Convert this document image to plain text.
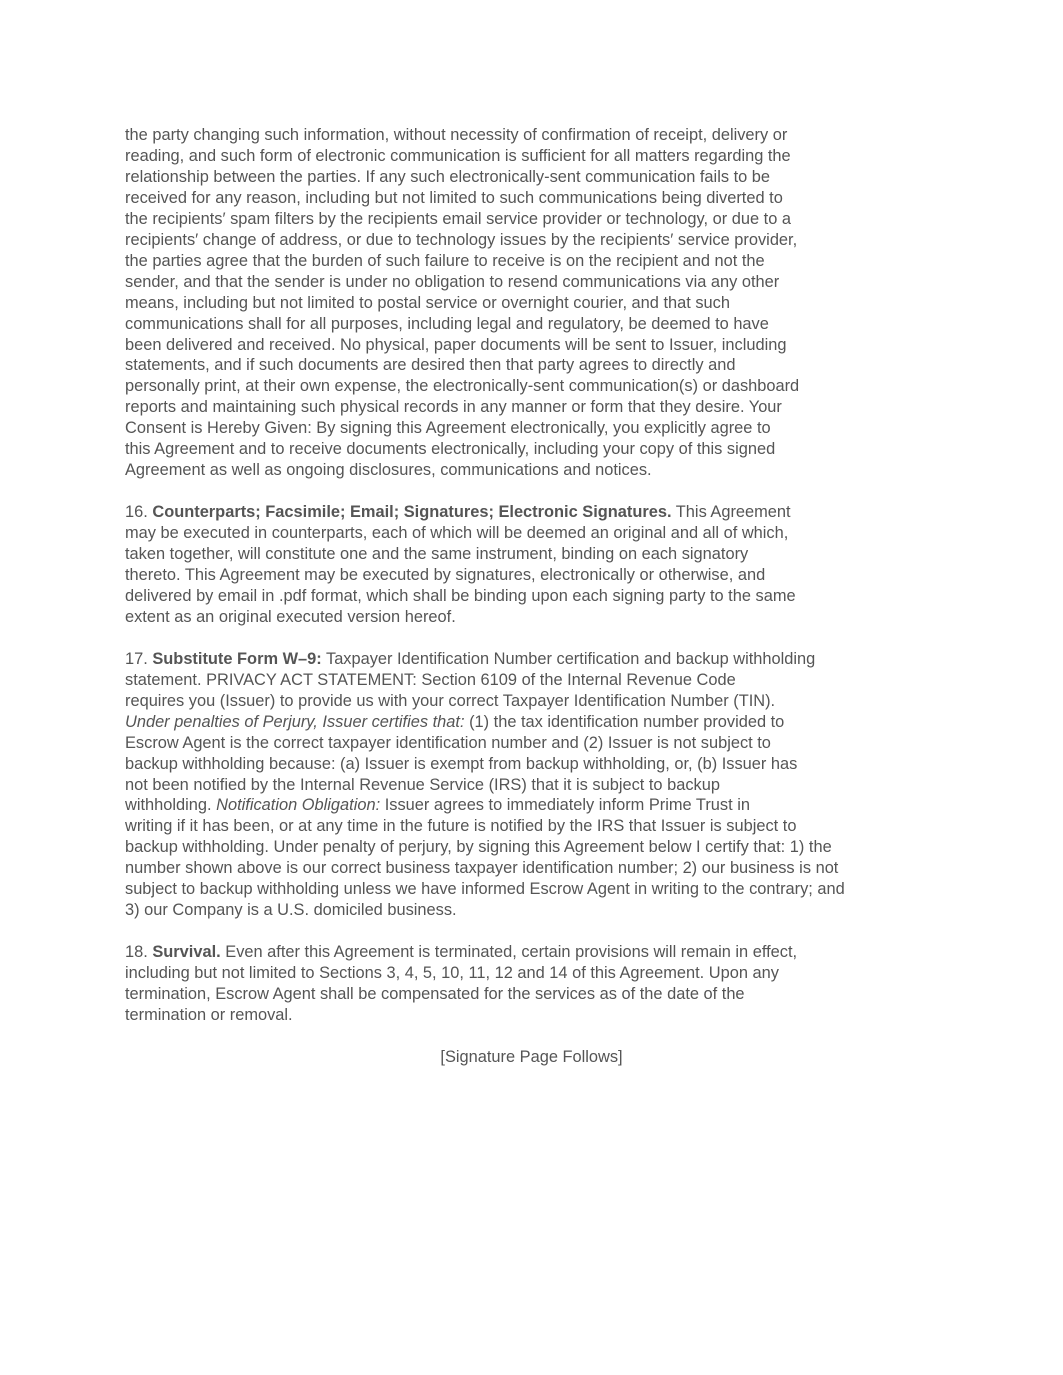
the party changing such information, without necessity of confirmation of receipt, delivery or
reading, and such form of electronic communication is sufficient for all matters regarding the
relationship between the parties. If any such electronically-sent communication fails to be
received for any reason, including but not limited to such communications being diverted to
the recipients′ spam filters by the recipients email service provider or technology, or due to a
recipients′ change of address, or due to technology issues by the recipients′ service provider,
the parties agree that the burden of such failure to receive is on the recipient and not the
sender, and that the sender is under no obligation to resend communications via any other
means, including but not limited to postal service or overnight courier, and that such
communications shall for all purposes, including legal and regulatory, be deemed to have
been delivered and received. No physical, paper documents will be sent to Issuer, including
statements, and if such documents are desired then that party agrees to directly and
personally print, at their own expense, the electronically-sent communication(s) or dashboard
reports and maintaining such physical records in any manner or form that they desire. Your
Consent is Hereby Given: By signing this Agreement electronically, you explicitly agree to
this Agreement and to receive documents electronically, including your copy of this signed
Agreement as well as ongoing disclosures, communications and notices.
16. Counterparts; Facsimile; Email; Signatures; Electronic Signatures. This Agreement
may be executed in counterparts, each of which will be deemed an original and all of which,
taken together, will constitute one and the same instrument, binding on each signatory
thereto. This Agreement may be executed by signatures, electronically or otherwise, and
delivered by email in .pdf format, which shall be binding upon each signing party to the same
extent as an original executed version hereof.
17. Substitute Form W–9: Taxpayer Identification Number certification and backup withholding
statement. PRIVACY ACT STATEMENT: Section 6109 of the Internal Revenue Code
requires you (Issuer) to provide us with your correct Taxpayer Identification Number (TIN).
Under penalties of Perjury, Issuer certifies that: (1) the tax identification number provided to
Escrow Agent is the correct taxpayer identification number and (2) Issuer is not subject to
backup withholding because: (a) Issuer is exempt from backup withholding, or, (b) Issuer has
not been notified by the Internal Revenue Service (IRS) that it is subject to backup
withholding. Notification Obligation: Issuer agrees to immediately inform Prime Trust in
writing if it has been, or at any time in the future is notified by the IRS that Issuer is subject to
backup withholding. Under penalty of perjury, by signing this Agreement below I certify that: 1) the
number shown above is our correct business taxpayer identification number; 2) our business is not
subject to backup withholding unless we have informed Escrow Agent in writing to the contrary; and
3) our Company is a U.S. domiciled business.
18. Survival. Even after this Agreement is terminated, certain provisions will remain in effect,
including but not limited to Sections 3, 4, 5, 10, 11, 12 and 14 of this Agreement. Upon any
termination, Escrow Agent shall be compensated for the services as of the date of the
termination or removal.
[Signature Page Follows]
